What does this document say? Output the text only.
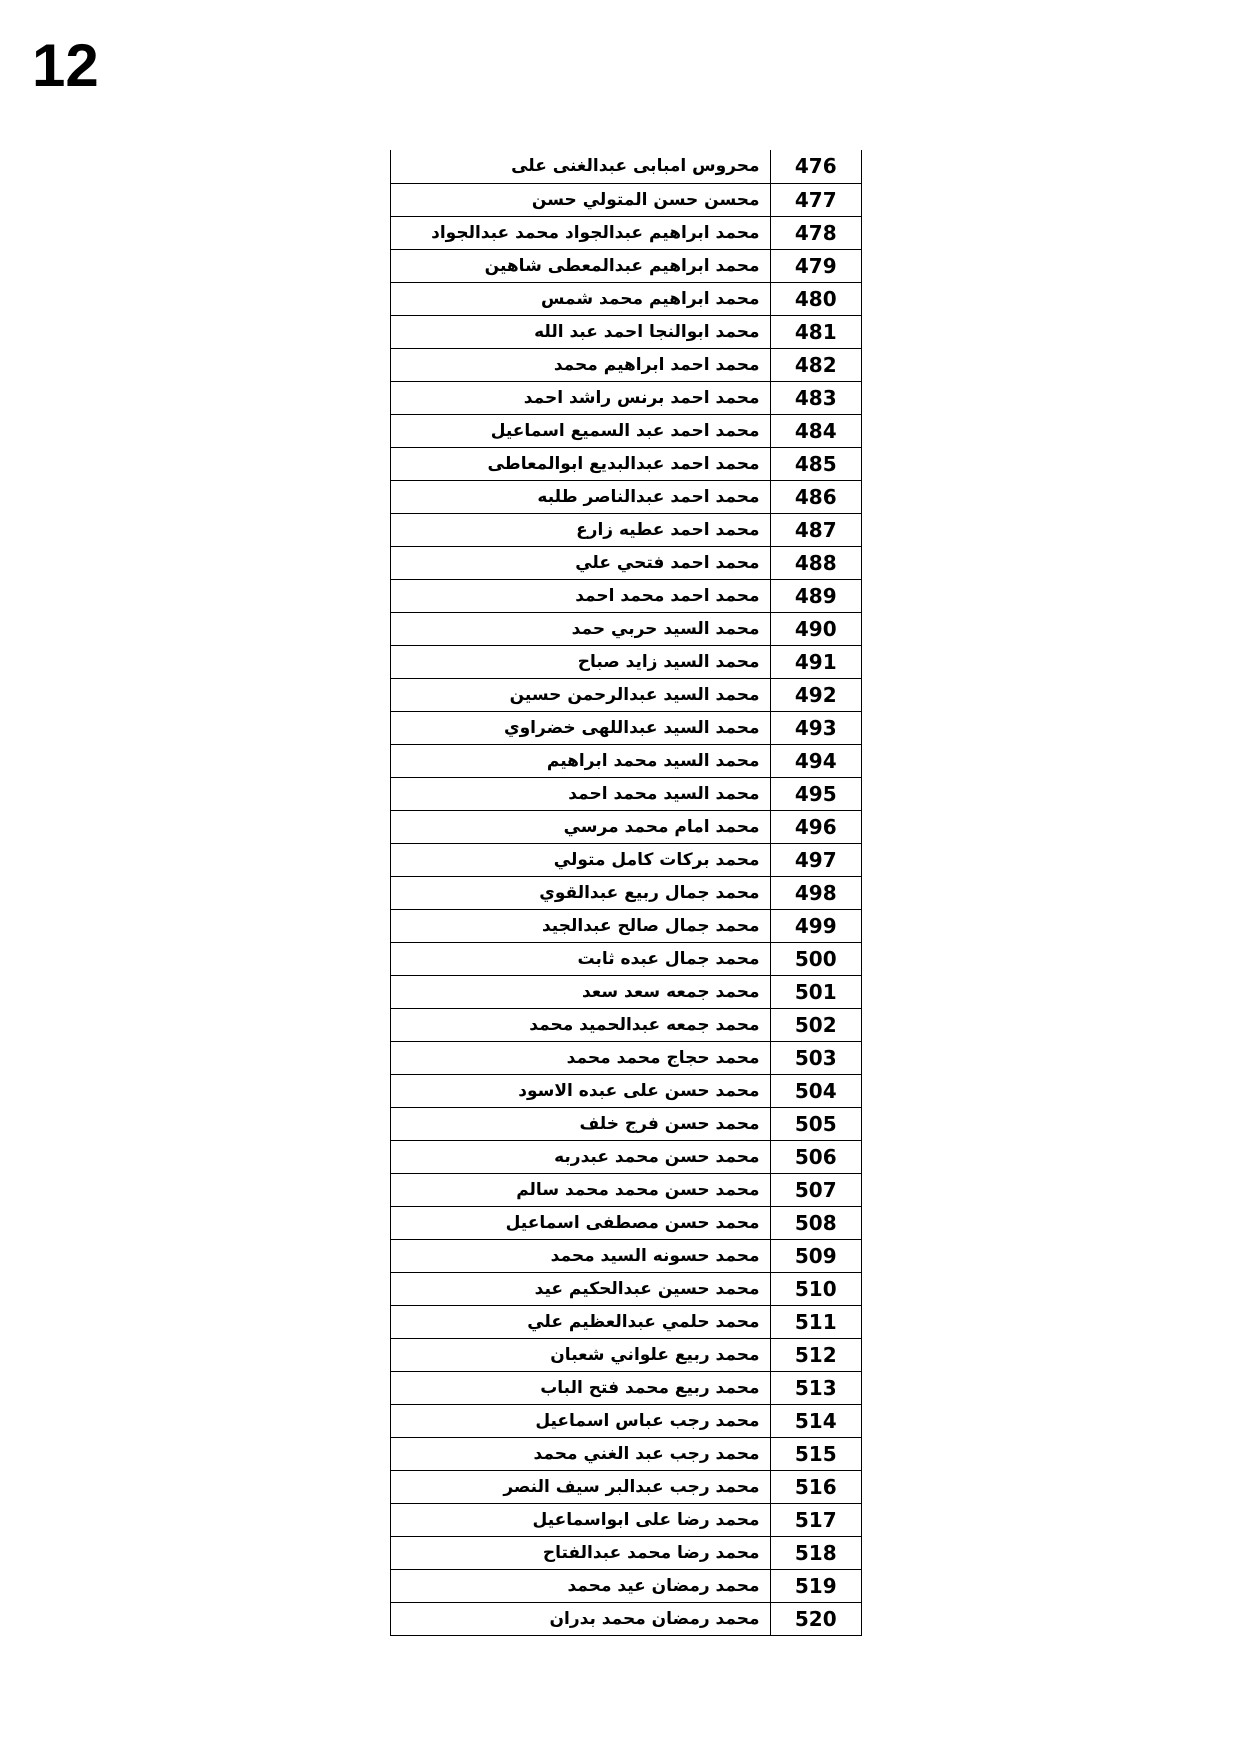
12
محروس امبابى عبدالغنى على	476
محسن حسن المتولي حسن	477
محمد ابراهيم عبدالجواد محمد عبدالجواد	478
محمد ابراهيم عبدالمعطى شاهين	479
محمد ابراهيم محمد شمس	480
محمد ابوالنجا احمد عبد الله	481
محمد احمد ابراهيم محمد	482
محمد احمد برنس راشد احمد	483
محمد احمد عبد السميع اسماعيل	484
محمد احمد عبدالبديع ابوالمعاطى	485
محمد احمد عبدالناصر طلبه	486
محمد احمد عطيه زارع	487
محمد احمد فتحي علي	488
محمد احمد محمد احمد	489
محمد السيد حربي حمد	490
محمد السيد زايد صباح	491
محمد السيد عبدالرحمن حسين	492
محمد السيد عبداللهى خضراوي	493
محمد السيد محمد ابراهيم	494
محمد السيد محمد احمد	495
محمد امام محمد مرسي	496
محمد بركات كامل متولي	497
محمد جمال ربيع عبدالقوي	498
محمد جمال صالح عبدالجيد	499
محمد جمال عبده ثابت	500
محمد جمعه سعد سعد	501
محمد جمعه عبدالحميد محمد	502
محمد حجاج محمد محمد	503
محمد حسن على عبده الاسود	504
محمد حسن فرج خلف	505
محمد حسن محمد عبدربه	506
محمد حسن محمد محمد سالم	507
محمد حسن مصطفى اسماعيل	508
محمد حسونه السيد محمد	509
محمد حسين عبدالحكيم عيد	510
محمد حلمي عبدالعظيم علي	511
محمد ربيع علواني شعبان	512
محمد ربيع محمد فتح الباب	513
محمد رجب عباس اسماعيل	514
محمد رجب عبد الغني محمد	515
محمد رجب عبدالبر سيف النصر	516
محمد رضا على ابواسماعيل	517
محمد رضا محمد عبدالفتاح	518
محمد رمضان عيد محمد	519
محمد رمضان محمد بدران	520
